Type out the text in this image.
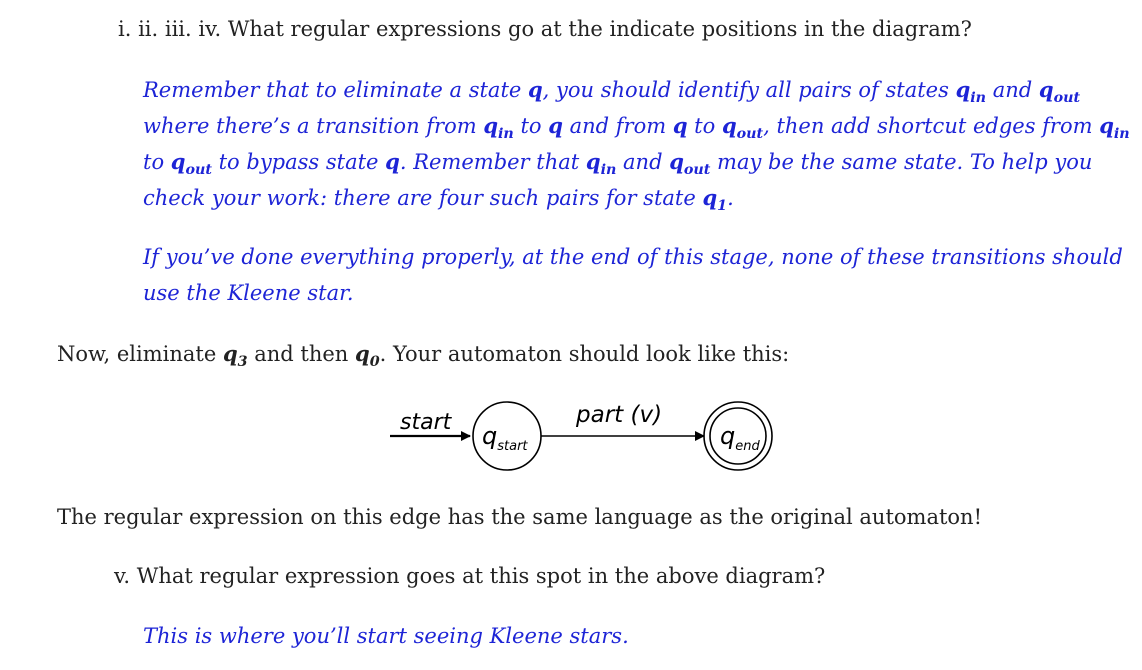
i. ii. iii. iv. What regular expressions go at the indicate positions in the diagram?
Remember that to eliminate a state q, you should identify all pairs of states $q_{in}$ and $q_{out}$
where there’s a transition from $q_{in}$ to q and from q to $q_{out}$, then add shortcut edges from $q_{in}$
to $q_{out}$ to bypass state q. Remember that $q_{in}$ and $q_{out}$ may be the same state. To help you
check your work: there are four such pairs for state $q_1$.
If you’ve done everything properly, at the end of this stage, none of these transitions should
use the Kleene star.
Now, eliminate $q_3$ and then $q_0$. Your automaton should look like this:
start $q_{start}$
part (v)
$q_{end}$
The regular expression on this edge has the same language as the original automaton!
v. What regular expression goes at this spot in the above diagram?
This is where you’ll start seeing Kleene stars.
